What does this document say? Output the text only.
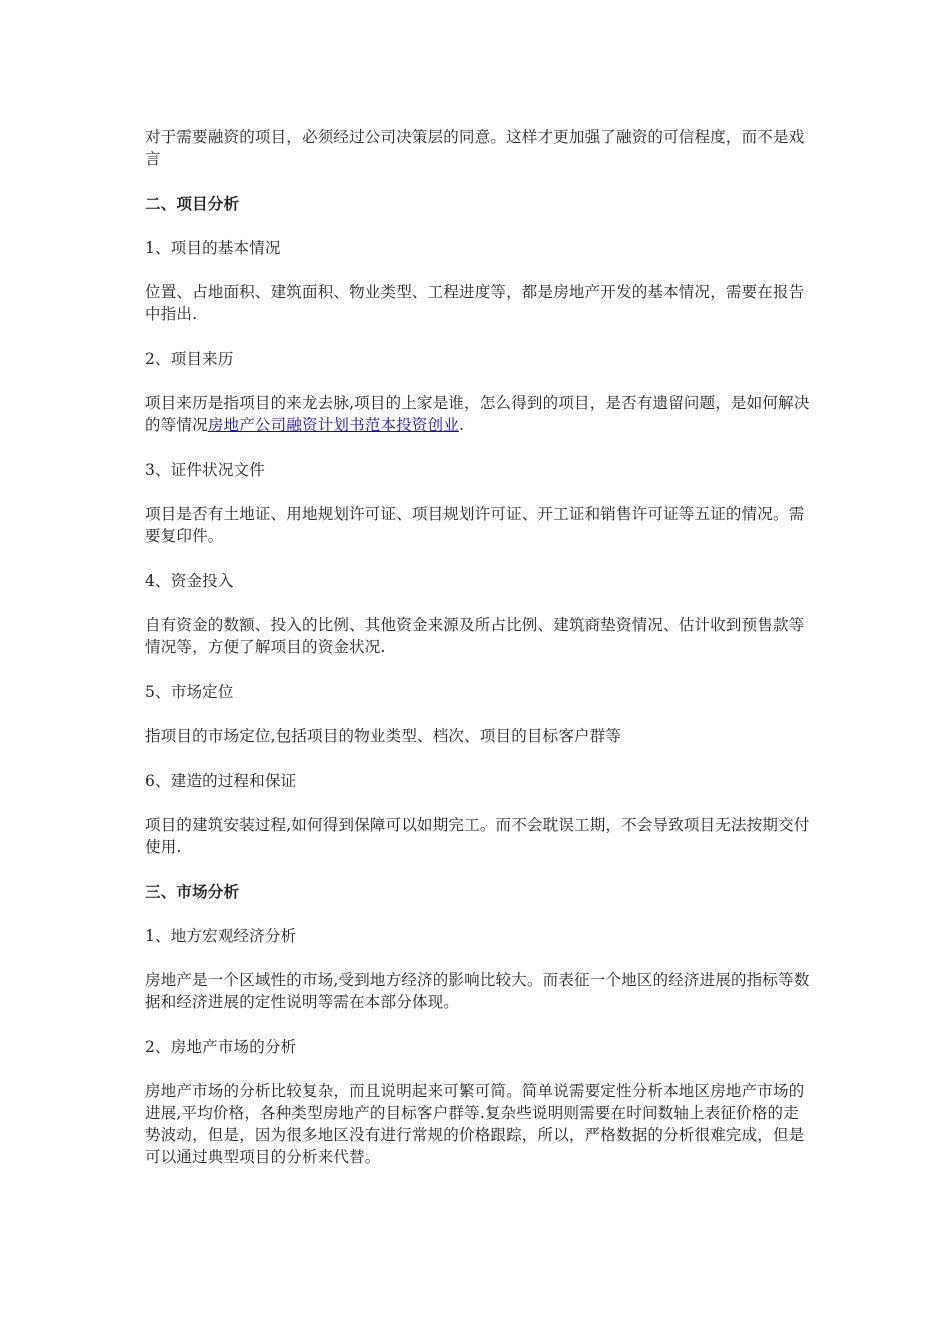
对于需要融资的项目，必须经过公司决策层的同意。这样才更加强了融资的可信程度，而不是戏言

二、项目分析

1、项目的基本情况

位置、占地面积、建筑面积、物业类型、工程进度等，都是房地产开发的基本情况，需要在报告中指出.

2、项目来历

项目来历是指项目的来龙去脉,项目的上家是谁，怎么得到的项目，是否有遗留问题，是如何解决的等情况房地产公司融资计划书范本投资创业.

3、证件状况文件

项目是否有土地证、用地规划许可证、项目规划许可证、开工证和销售许可证等五证的情况。需要复印件。

4、资金投入

自有资金的数额、投入的比例、其他资金来源及所占比例、建筑商垫资情况、估计收到预售款等情况等，方便了解项目的资金状况.

5、市场定位

指项目的市场定位,包括项目的物业类型、档次、项目的目标客户群等

6、建造的过程和保证

项目的建筑安装过程,如何得到保障可以如期完工。而不会耽误工期，不会导致项目无法按期交付使用.

三、市场分析

1、地方宏观经济分析

房地产是一个区域性的市场,受到地方经济的影响比较大。而表征一个地区的经济进展的指标等数据和经济进展的定性说明等需在本部分体现。

2、房地产市场的分析

房地产市场的分析比较复杂，而且说明起来可繁可简。简单说需要定性分析本地区房地产市场的进展,平均价格，各种类型房地产的目标客户群等.复杂些说明则需要在时间数轴上表征价格的走势波动，但是，因为很多地区没有进行常规的价格跟踪，所以，严格数据的分析很难完成，但是可以通过典型项目的分析来代替。
